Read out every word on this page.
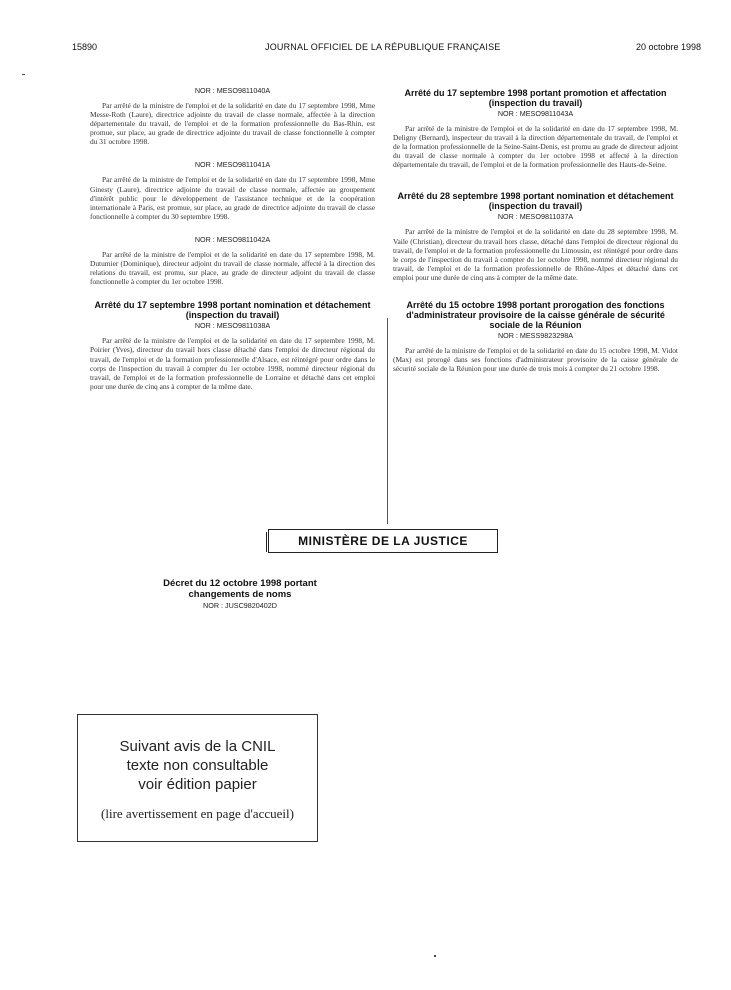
15890	JOURNAL OFFICIEL DE LA RÉPUBLIQUE FRANÇAISE	20 octobre 1998
NOR : MESO9811040A

Par arrêté de la ministre de l'emploi et de la solidarité en date du 17 septembre 1998, Mme Messe-Roth (Laure), directrice adjointe du travail de classe normale, affectée à la direction départementale du travail, de l'emploi et de la formation professionnelle du Bas-Rhin, est promue, sur place, au grade de directrice adjointe du travail de classe fonctionnelle à compter du 31 octobre 1998.

NOR : MESO9811041A

Par arrêté de la ministre de l'emploi et de la solidarité en date du 17 septembre 1998, Mme Ginesty (Laure), directrice adjointe du travail de classe normale, affectée au groupement d'intérêt public pour le développement de l'assistance technique et de la coopération internationale à Paris, est promue, sur place, au grade de directrice adjointe du travail de classe fonctionnelle à compter du 30 septembre 1998.

NOR : MESO9811042A

Par arrêté de la ministre de l'emploi et de la solidarité en date du 17 septembre 1998, M. Dutumier (Dominique), directeur adjoint du travail de classe normale, affecté à la direction des relations du travail, est promu, sur place, au grade de directeur adjoint du travail de classe fonctionnelle à compter du 1er octobre 1998.

Arrêté du 17 septembre 1998 portant nomination et détachement (inspection du travail)
NOR : MESO9811038A

Par arrêté de la ministre de l'emploi et de la solidarité en date du 17 septembre 1998, M. Poirier (Yves), directeur du travail hors classe détaché dans l'emploi de directeur régional du travail, de l'emploi et de la formation professionnelle d'Alsace, est réintégré pour ordre dans le corps de l'inspection du travail à compter du 1er octobre 1998, nommé directeur régional du travail, de l'emploi et de la formation professionnelle de Lorraine et détaché dans cet emploi pour une durée de cinq ans à compter de la même date.

Arrêté du 17 septembre 1998 portant promotion et affectation (inspection du travail)
NOR : MESO9811043A

Par arrêté de la ministre de l'emploi et de la solidarité en date du 17 septembre 1998, M. Deligny (Bernard), inspecteur du travail à la direction départementale du travail, de l'emploi et de la formation professionnelle de la Seine-Saint-Denis, est promu au grade de directeur adjoint du travail de classe normale à compter du 1er octobre 1998 et affecté à la direction départementale du travail, de l'emploi et de la formation professionnelle des Hauts-de-Seine.

Arrêté du 28 septembre 1998 portant nomination et détachement (inspection du travail)
NOR : MESO9811037A

Par arrêté de la ministre de l'emploi et de la solidarité en date du 28 septembre 1998, M. Vaile (Christian), directeur du travail hors classe, détaché dans l'emploi de directeur régional du travail, de l'emploi et de la formation professionnelle du Limousin, est réintégré pour ordre dans le corps de l'inspection du travail à compter du 1er octobre 1998, nommé directeur régional du travail, de l'emploi et de la formation professionnelle de Rhône-Alpes et détaché dans cet emploi pour une durée de cinq ans à compter de la même date.

Arrêté du 15 octobre 1998 portant prorogation des fonctions d'administrateur provisoire de la caisse générale de sécurité sociale de la Réunion
NOR : MESS9823298A

Par arrêté de la ministre de l'emploi et de la solidarité en date du 15 octobre 1998, M. Vidot (Max) est prorogé dans ses fonctions d'administrateur provisoire de la caisse générale de sécurité sociale de la Réunion pour une durée de trois mois à compter du 21 octobre 1998.

MINISTÈRE DE LA JUSTICE
Décret du 12 octobre 1998 portant changements de noms
NOR : JUSC9820402D
Suivant avis de la CNIL
texte non consultable
voir édition papier
(lire avertissement en page d'accueil)
